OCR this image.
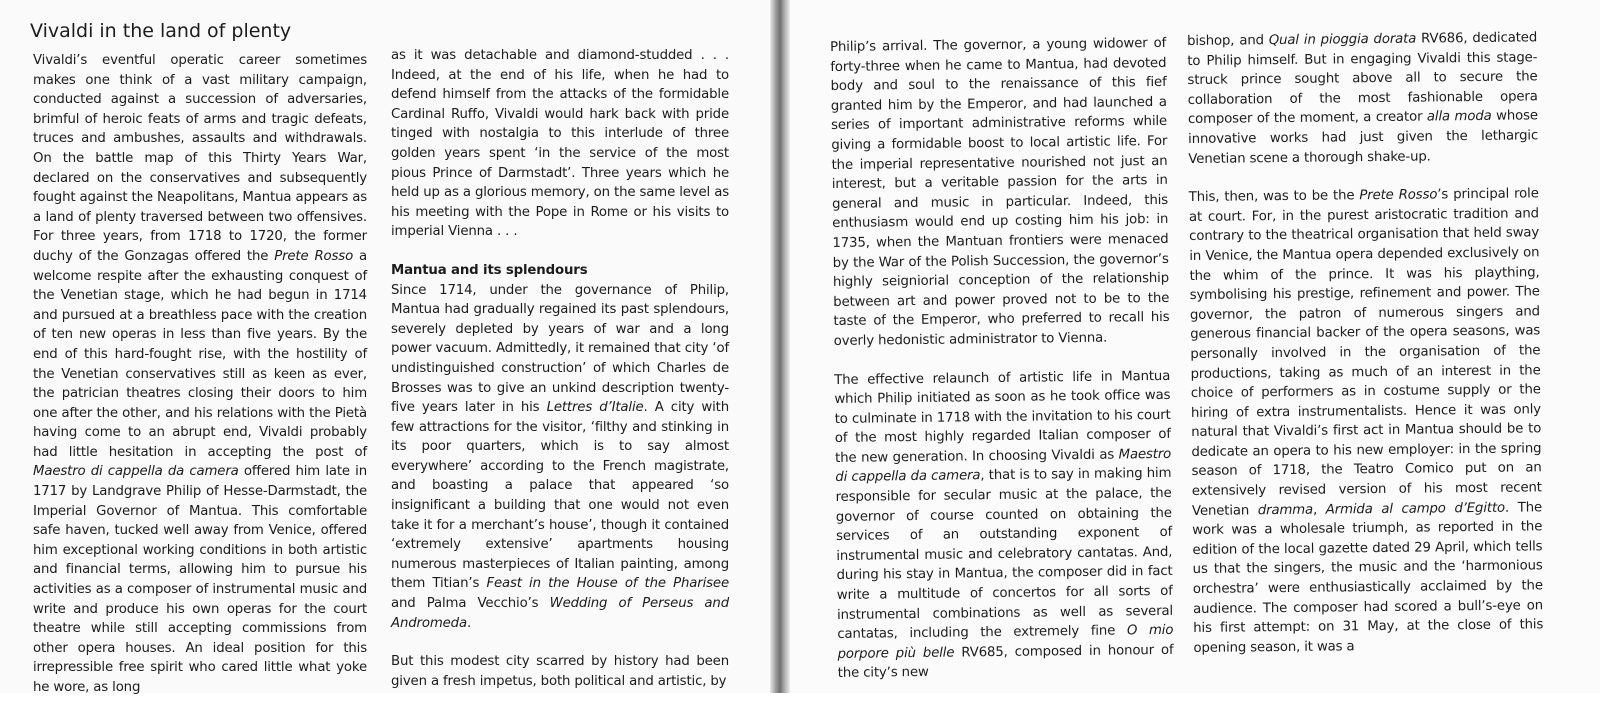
Vivaldi in the land of plenty

Vivaldi’s eventful operatic career sometimes makes one think of a vast military campaign, conducted against a succession of adversaries, brimful of heroic feats of arms and tragic defeats, truces and ambushes, assaults and withdrawals. On the battle map of this Thirty Years War, declared on the conservatives and subsequently fought against the Neapolitans, Mantua appears as a land of plenty traversed between two offensives. For three years, from 1718 to 1720, the former duchy of the Gonzagas offered the Prete Rosso a welcome respite after the exhausting conquest of the Venetian stage, which he had begun in 1714 and pursued at a breathless pace with the creation of ten new operas in less than five years. By the end of this hard-fought rise, with the hostility of the Venetian conservatives still as keen as ever, the patrician theatres closing their doors to him one after the other, and his relations with the Pietà having come to an abrupt end, Vivaldi probably had little hesitation in accepting the post of Maestro di cappella da camera offered him late in 1717 by Landgrave Philip of Hesse-Darmstadt, the Imperial Governor of Mantua. This comfortable safe haven, tucked well away from Venice, offered him exceptional working conditions in both artistic and financial terms, allowing him to pursue his activities as a composer of instrumental music and write and produce his own operas for the court theatre while still accepting commissions from other opera houses. An ideal position for this irrepressible free spirit who cared little what yoke he wore, as long

as it was detachable and diamond-studded . . . Indeed, at the end of his life, when he had to defend himself from the attacks of the formidable Cardinal Ruffo, Vivaldi would hark back with pride tinged with nostalgia to this interlude of three golden years spent ‘in the service of the most pious Prince of Darmstadt’. Three years which he held up as a glorious memory, on the same level as his meeting with the Pope in Rome or his visits to imperial Vienna . . .

Mantua and its splendours

Since 1714, under the governance of Philip, Mantua had gradually regained its past splendours, severely depleted by years of war and a long power vacuum. Admittedly, it remained that city ‘of undistinguished construction’ of which Charles de Brosses was to give an unkind description twenty-five years later in his Lettres d’Italie. A city with few attractions for the visitor, ‘filthy and stinking in its poor quarters, which is to say almost everywhere’ according to the French magistrate, and boasting a palace that appeared ‘so insignificant a building that one would not even take it for a merchant’s house’, though it contained ‘extremely extensive’ apartments housing numerous masterpieces of Italian painting, among them Titian’s Feast in the House of the Pharisee and Palma Vecchio’s Wedding of Perseus and Andromeda.

But this modest city scarred by history had been given a fresh impetus, both political and artistic, by

Philip’s arrival. The governor, a young widower of forty-three when he came to Mantua, had devoted body and soul to the renaissance of this fief granted him by the Emperor, and had launched a series of important administrative reforms while giving a formidable boost to local artistic life. For the imperial representative nourished not just an interest, but a veritable passion for the arts in general and music in particular. Indeed, this enthusiasm would end up costing him his job: in 1735, when the Mantuan frontiers were menaced by the War of the Polish Succession, the governor’s highly seigniorial conception of the relationship between art and power proved not to be to the taste of the Emperor, who preferred to recall his overly hedonistic administrator to Vienna.

The effective relaunch of artistic life in Mantua which Philip initiated as soon as he took office was to culminate in 1718 with the invitation to his court of the most highly regarded Italian composer of the new generation. In choosing Vivaldi as Maestro di cappella da camera, that is to say in making him responsible for secular music at the palace, the governor of course counted on obtaining the services of an outstanding exponent of instrumental music and celebratory cantatas. And, during his stay in Mantua, the composer did in fact write a multitude of concertos for all sorts of instrumental combinations as well as several cantatas, including the extremely fine O mio porpore più belle RV685, composed in honour of the city’s new

bishop, and Qual in pioggia dorata RV686, dedicated to Philip himself. But in engaging Vivaldi this stage-struck prince sought above all to secure the collaboration of the most fashionable opera composer of the moment, a creator alla moda whose innovative works had just given the lethargic Venetian scene a thorough shake-up.

This, then, was to be the Prete Rosso’s principal role at court. For, in the purest aristocratic tradition and contrary to the theatrical organisation that held sway in Venice, the Mantua opera depended exclusively on the whim of the prince. It was his plaything, symbolising his prestige, refinement and power. The governor, the patron of numerous singers and generous financial backer of the opera seasons, was personally involved in the organisation of the productions, taking as much of an interest in the choice of performers as in costume supply or the hiring of extra instrumentalists. Hence it was only natural that Vivaldi’s first act in Mantua should be to dedicate an opera to his new employer: in the spring season of 1718, the Teatro Comico put on an extensively revised version of his most recent Venetian dramma, Armida al campo d’Egitto. The work was a wholesale triumph, as reported in the edition of the local gazette dated 29 April, which tells us that the singers, the music and the ‘harmonious orchestra’ were enthusiastically acclaimed by the audience. The composer had scored a bull’s-eye on his first attempt: on 31 May, at the close of this opening season, it was a
